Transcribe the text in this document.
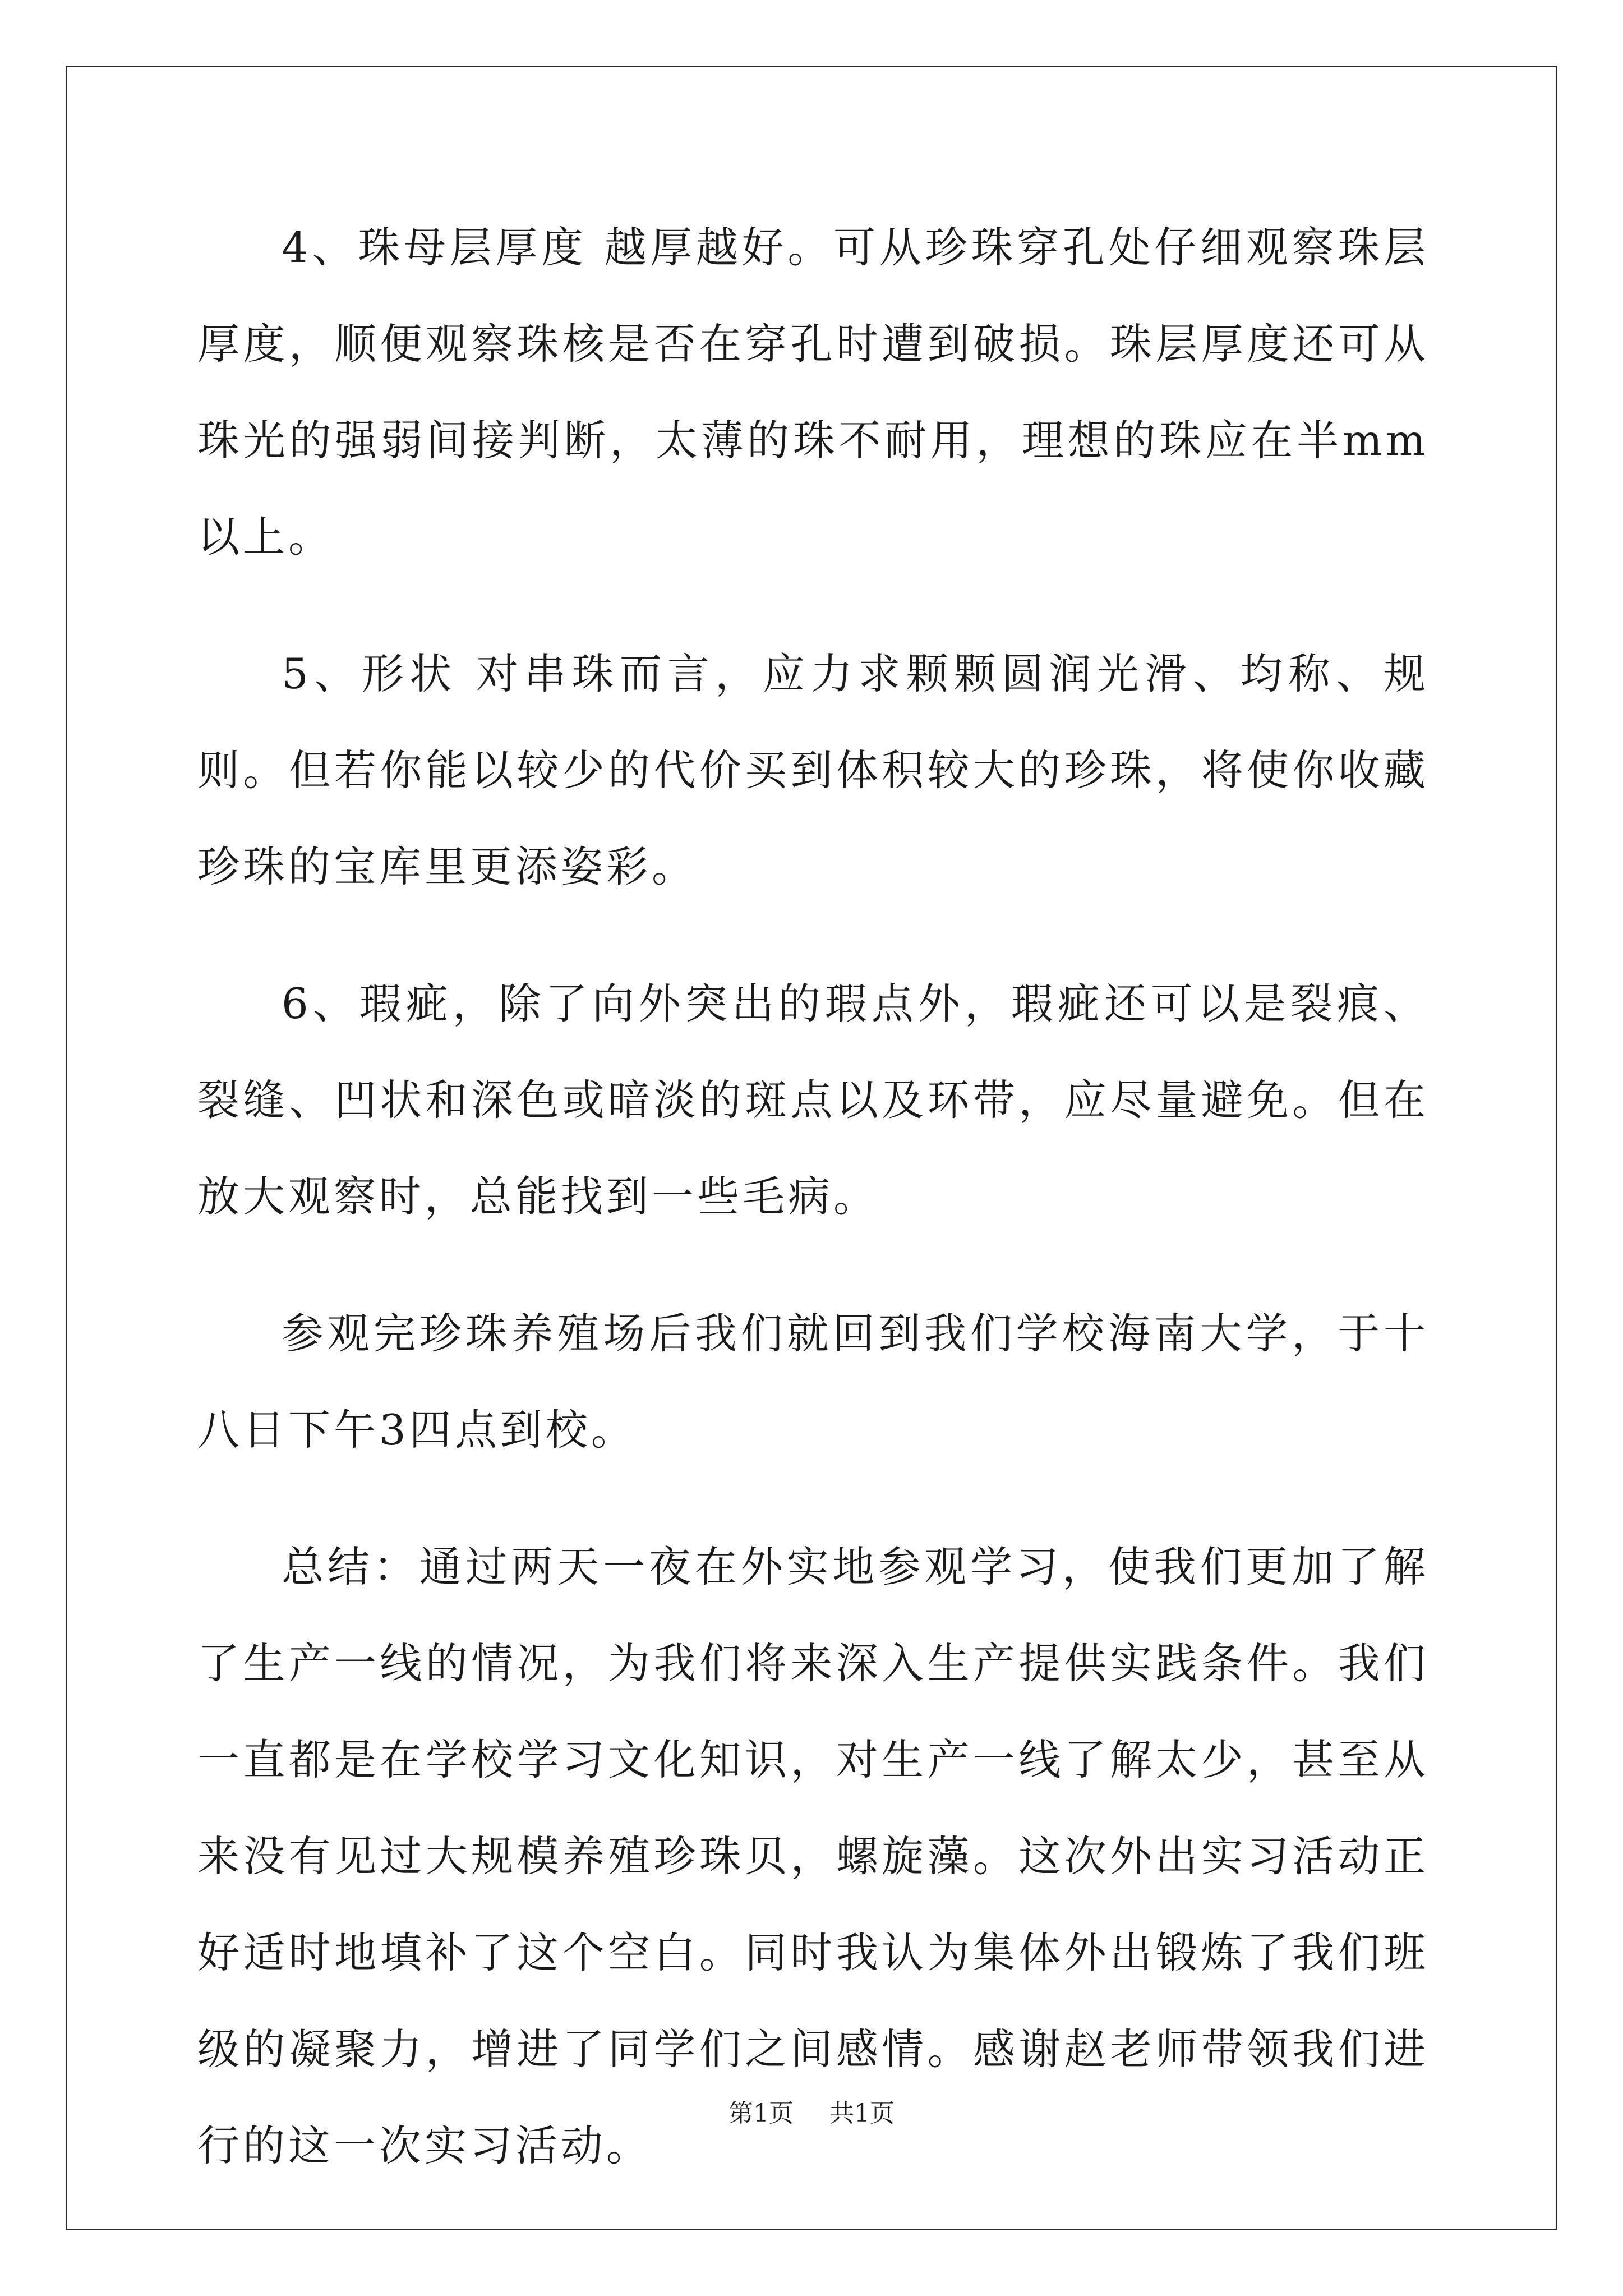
4、珠母层厚度 越厚越好。可从珍珠穿孔处仔细观察珠层厚度，顺便观察珠核是否在穿孔时遭到破损。珠层厚度还可从珠光的强弱间接判断，太薄的珠不耐用，理想的珠应在半mm以上。

5、形状 对串珠而言，应力求颗颗圆润光滑、均称、规则。但若你能以较少的代价买到体积较大的珍珠，将使你收藏珍珠的宝库里更添姿彩。

6、瑕疵，除了向外突出的瑕点外，瑕疵还可以是裂痕、裂缝、凹状和深色或暗淡的斑点以及环带，应尽量避免。但在放大观察时，总能找到一些毛病。

参观完珍珠养殖场后我们就回到我们学校海南大学，于十八日下午3四点到校。

总结：通过两天一夜在外实地参观学习，使我们更加了解了生产一线的情况，为我们将来深入生产提供实践条件。我们一直都是在学校学习文化知识，对生产一线了解太少，甚至从来没有见过大规模养殖珍珠贝，螺旋藻。这次外出实习活动正好适时地填补了这个空白。同时我认为集体外出锻炼了我们班级的凝聚力，增进了同学们之间感情。感谢赵老师带领我们进行的这一次实习活动。

第1页 共1页
